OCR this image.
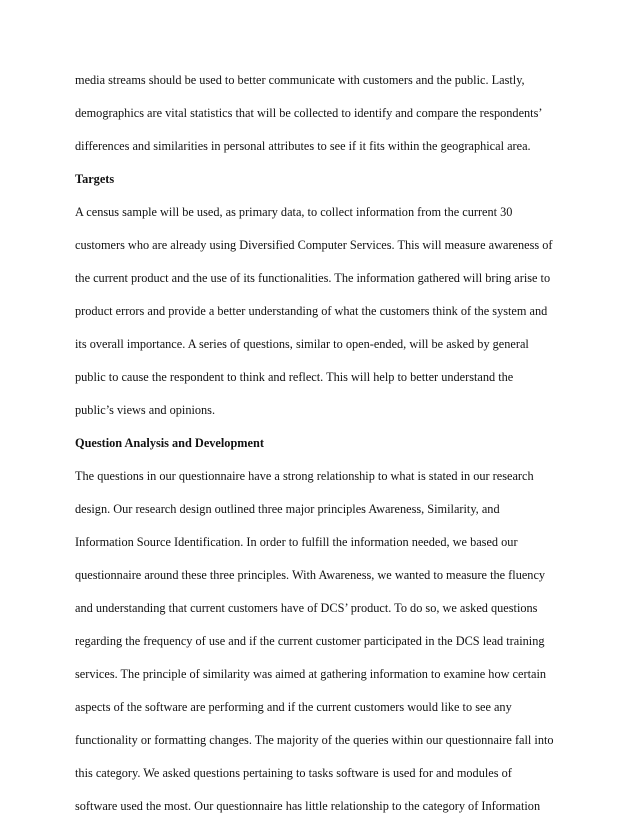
media streams should be used to better communicate with customers and the public. Lastly,
demographics are vital statistics that will be collected to identify and compare the respondents’
differences and similarities in personal attributes to see if it fits within the geographical area.
Targets
A census sample will be used, as primary data, to collect information from the current 30
customers who are already using Diversified Computer Services. This will measure awareness of
the current product and the use of its functionalities. The information gathered will bring arise to
product errors and provide a better understanding of what the customers think of the system and
its overall importance. A series of questions, similar to open-ended, will be asked by general
public to cause the respondent to think and reflect. This will help to better understand the
public’s views and opinions.
Question Analysis and Development
The questions in our questionnaire have a strong relationship to what is stated in our research
design. Our research design outlined three major principles Awareness, Similarity, and
Information Source Identification. In order to fulfill the information needed, we based our
questionnaire around these three principles. With Awareness, we wanted to measure the fluency
and understanding that current customers have of DCS’ product. To do so, we asked questions
regarding the frequency of use and if the current customer participated in the DCS lead training
services. The principle of similarity was aimed at gathering information to examine how certain
aspects of the software are performing and if the current customers would like to see any
functionality or formatting changes. The majority of the queries within our questionnaire fall into
this category. We asked questions pertaining to tasks software is used for and modules of
software used the most. Our questionnaire has little relationship to the category of Information
